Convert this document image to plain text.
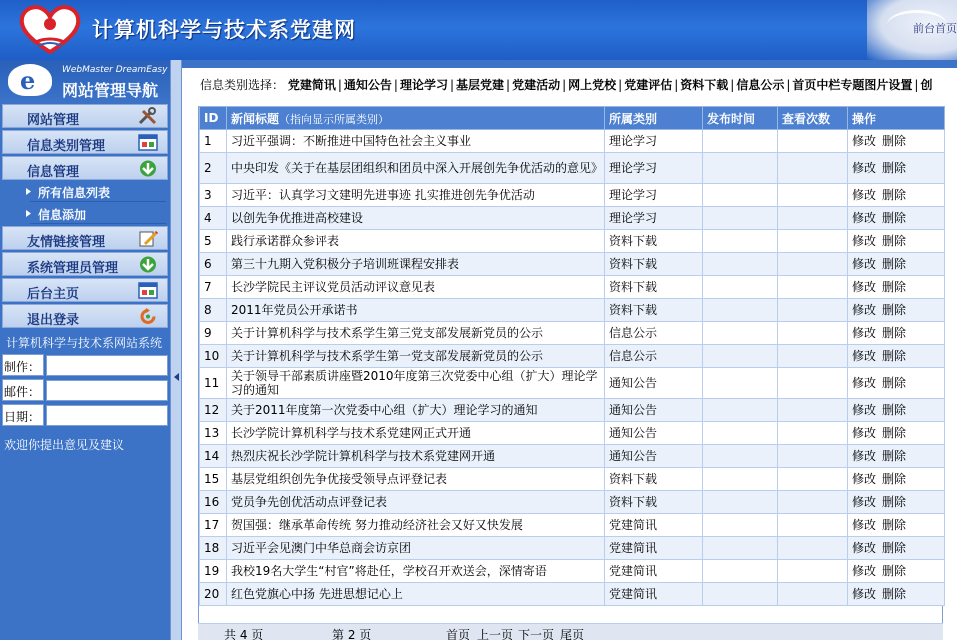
计算机科学与技术系党建网	前台首页
e
WebMaster DreamEasy
网站管理导航
网站管理
信息类别管理
信息管理
所有信息列表
信息添加
友情链接管理
系统管理员管理
后台主页
退出登录
计算机科学与技术系网站系统
制作：
邮件：
日期：
欢迎你提出意见及建议
信息类别选择： 党建简讯 | 通知公告 | 理论学习 | 基层党建 | 党建活动 | 网上党校 | 党建评估 | 资料下载 | 信息公示 | 首页中栏专题图片设置 | 创
ID	新闻标题（指向显示所属类别）	所属类别	发布时间	查看次数	操作
1	习近平强调：不断推进中国特色社会主义事业	理论学习			修改 删除
2	中央印发《关于在基层团组织和团员中深入开展创先争优活动的意见》	理论学习			修改 删除
3	习近平：认真学习文建明先进事迹 扎实推进创先争优活动	理论学习			修改 删除
4	以创先争优推进高校建设	理论学习			修改 删除
5	践行承诺群众参评表	资料下载			修改 删除
6	第三十九期入党积极分子培训班课程安排表	资料下载			修改 删除
7	长沙学院民主评议党员活动评议意见表	资料下载			修改 删除
8	2011年党员公开承诺书	资料下载			修改 删除
9	关于计算机科学与技术系学生第三党支部发展新党员的公示	信息公示			修改 删除
10	关于计算机科学与技术系学生第一党支部发展新党员的公示	信息公示			修改 删除
11	关于领导干部素质讲座暨2010年度第三次党委中心组（扩大）理论学习的通知	通知公告			修改 删除
12	关于2011年度第一次党委中心组（扩大）理论学习的通知	通知公告			修改 删除
13	长沙学院计算机科学与技术系党建网正式开通	通知公告			修改 删除
14	热烈庆祝长沙学院计算机科学与技术系党建网开通	通知公告			修改 删除
15	基层党组织创先争优接受领导点评登记表	资料下载			修改 删除
16	党员争先创优活动点评登记表	资料下载			修改 删除
17	贺国强：继承革命传统 努力推动经济社会又好又快发展	党建简讯			修改 删除
18	习近平会见澳门中华总商会访京团	党建简讯			修改 删除
19	我校19名大学生“村官”将赴任，学校召开欢送会，深情寄语	党建简讯			修改 删除
20	红色党旗心中扬 先进思想记心上	党建简讯			修改 删除
共 4 页	第 2 页	首页 上一页 下一页 尾页
